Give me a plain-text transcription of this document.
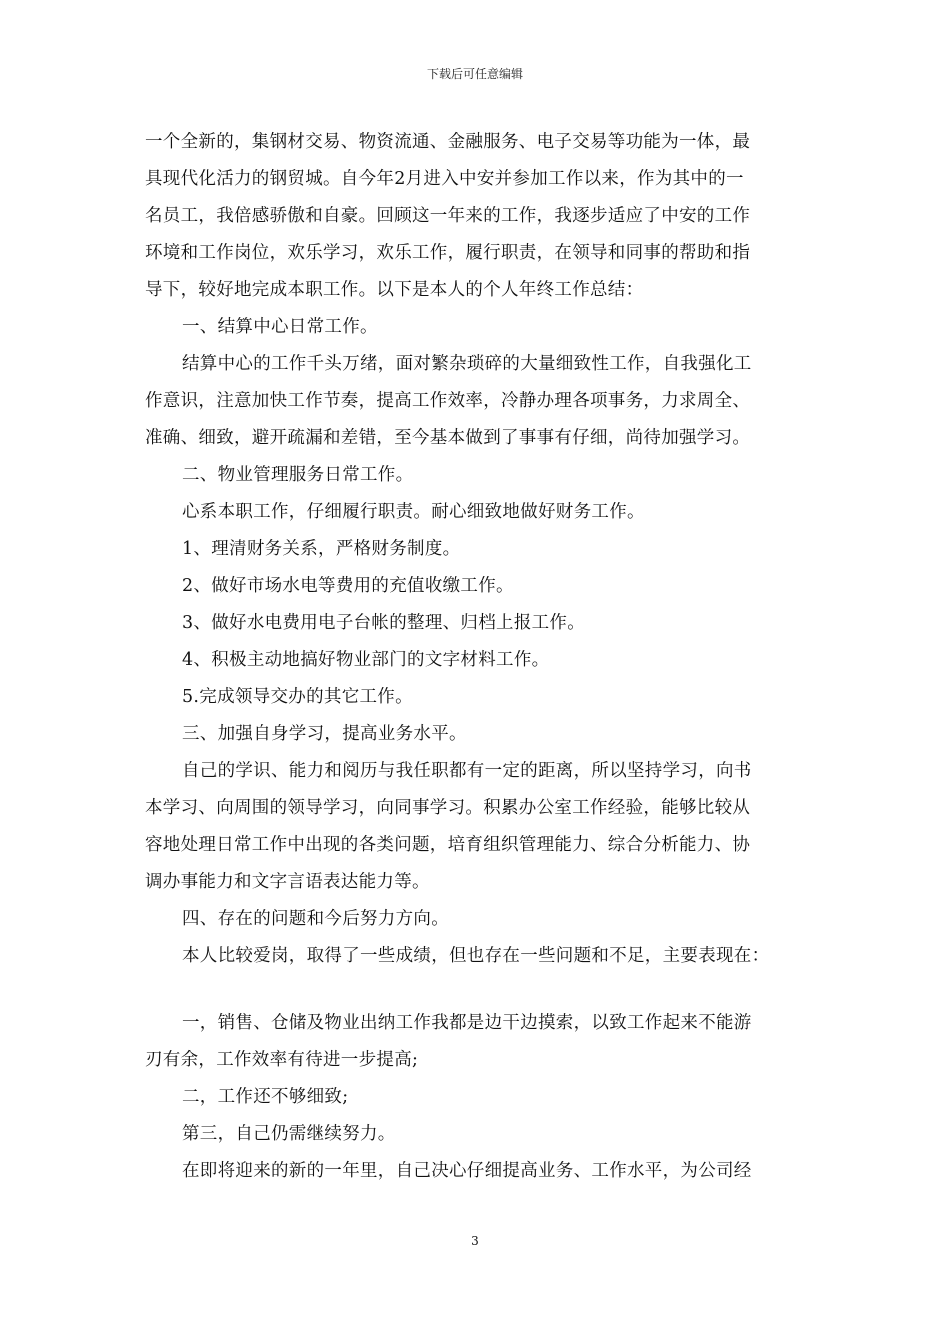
下载后可任意编辑
一个全新的，集钢材交易、物资流通、金融服务、电子交易等功能为一体，最
具现代化活力的钢贸城。自今年2月进入中安并参加工作以来，作为其中的一
名员工，我倍感骄傲和自豪。回顾这一年来的工作，我逐步适应了中安的工作
环境和工作岗位，欢乐学习，欢乐工作，履行职责，在领导和同事的帮助和指
导下，较好地完成本职工作。以下是本人的个人年终工作总结：
一、结算中心日常工作。
结算中心的工作千头万绪，面对繁杂琐碎的大量细致性工作，自我强化工
作意识，注意加快工作节奏，提高工作效率，冷静办理各项事务，力求周全、
准确、细致，避开疏漏和差错，至今基本做到了事事有仔细，尚待加强学习。
二、物业管理服务日常工作。
心系本职工作，仔细履行职责。耐心细致地做好财务工作。
1、理清财务关系，严格财务制度。
2、做好市场水电等费用的充值收缴工作。
3、做好水电费用电子台帐的整理、归档上报工作。
4、积极主动地搞好物业部门的文字材料工作。
5.完成领导交办的其它工作。
三、加强自身学习，提高业务水平。
自己的学识、能力和阅历与我任职都有一定的距离，所以坚持学习，向书
本学习、向周围的领导学习，向同事学习。积累办公室工作经验，能够比较从
容地处理日常工作中出现的各类问题，培育组织管理能力、综合分析能力、协
调办事能力和文字言语表达能力等。
四、存在的问题和今后努力方向。
本人比较爱岗，取得了一些成绩，但也存在一些问题和不足，主要表现在：
一，销售、仓储及物业出纳工作我都是边干边摸索，以致工作起来不能游
刃有余，工作效率有待进一步提高;
二，工作还不够细致;
第三，自己仍需继续努力。
在即将迎来的新的一年里，自己决心仔细提高业务、工作水平，为公司经
3
